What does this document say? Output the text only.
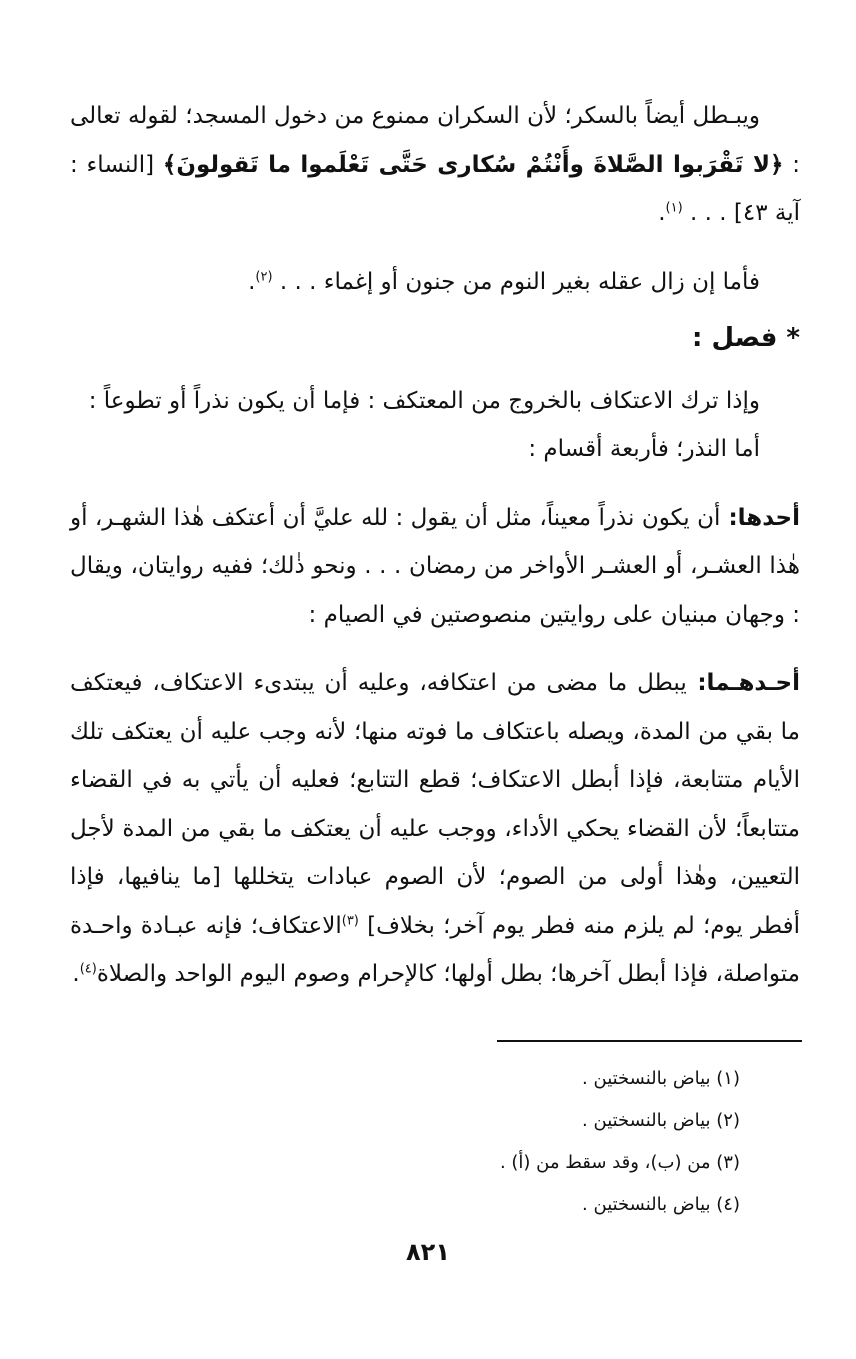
ويبـطل أيضاً بالسكر؛ لأن السكران ممنوع من دخول المسجد؛ لقوله تعالى : ﴿لا تَقْرَبوا الصَّلاةَ وأَنْتُمْ سُكارى حَتَّى تَعْلَموا ما تَقولونَ﴾ [النساء : آية ٤٣] . . . $^{(١)}$.

فأما إن زال عقله بغير النوم من جنون أو إغماء . . . $^{(٢)}$.

* فصل :

وإذا ترك الاعتكاف بالخروج من المعتكف : فإما أن يكون نذراً أو تطوعاً :

أما النذر؛ فأربعة أقسام :

أحدها: أن يكون نذراً معيناً، مثل أن يقول : لله عليَّ أن أعتكف هٰذا الشهـر، أو هٰذا العشـر، أو العشـر الأواخر من رمضان . . . ونحو ذٰلك؛ ففيه روايتان، ويقال : وجهان مبنيان على روايتين منصوصتين في الصيام :

أحـدهـما: يبطل ما مضى من اعتكافه، وعليه أن يبتدىء الاعتكاف، فيعتكف ما بقي من المدة، ويصله باعتكاف ما فوته منها؛ لأنه وجب عليه أن يعتكف تلك الأيام متتابعة، فإذا أبطل الاعتكاف؛ قطع التتابع؛ فعليه أن يأتي به في القضاء متتابعاً؛ لأن القضاء يحكي الأداء، ووجب عليه أن يعتكف ما بقي من المدة لأجل التعيين، وهٰذا أولى من الصوم؛ لأن الصوم عبادات يتخللها [ما ينافيها، فإذا أفطر يوم؛ لم يلزم منه فطر يوم آخر؛ بخلاف] $^{(٣)}$الاعتكاف؛ فإنه عبـادة واحـدة متواصلة، فإذا أبطل آخرها؛ بطل أولها؛ كالإحرام وصوم اليوم الواحد والصلاة$^{(٤)}$.

(١) بياض بالنسختين .

(٢) بياض بالنسختين .

(٣) من (ب)، وقد سقط من (أ) .

(٤) بياض بالنسختين .

٨٢١
